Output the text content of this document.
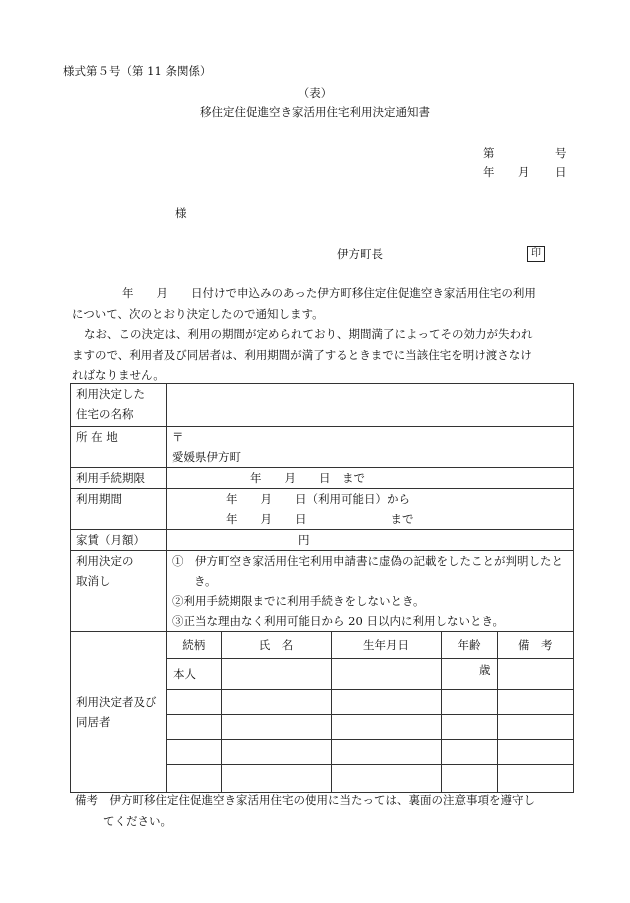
様式第５号（第 11 条関係）
（表）
移住定住促進空き家活用住宅利用決定通知書
第	号
年 月 日
様
伊方町長	印
年　　月　　日付けで申込みのあった伊方町移住定住促進空き家活用住宅の利用
について、次のとおり決定したので通知します。
なお、この決定は、利用の期間が定められており、期間満了によってその効力が失われ
ますので、利用者及び同居者は、利用期間が満了するときまでに当該住宅を明け渡さなけ
ればなりません。
利用決定した
住宅の名称

所 在 地	〒
愛媛県伊方町

利用手続期限	年　　月　　日　まで
利用期間	年　　月　　日（利用可能日）から
年　　月　　日	まで

家賃（月額）	円

利用決定の
取消し

①　伊方町空き家活用住宅利用申請書に虚偽の記載をしたことが判明したと
き。
②利用手続期限までに利用手続きをしないとき。
③正当な理由なく利用可能日から 20 日以内に利用しないとき。

利用決定者及び
同居者

続柄	氏　名	生年月日	年齢	備　考
本人			歳	

備考　伊方町移住定住促進空き家活用住宅の使用に当たっては、裏面の注意事項を遵守し
てください。
